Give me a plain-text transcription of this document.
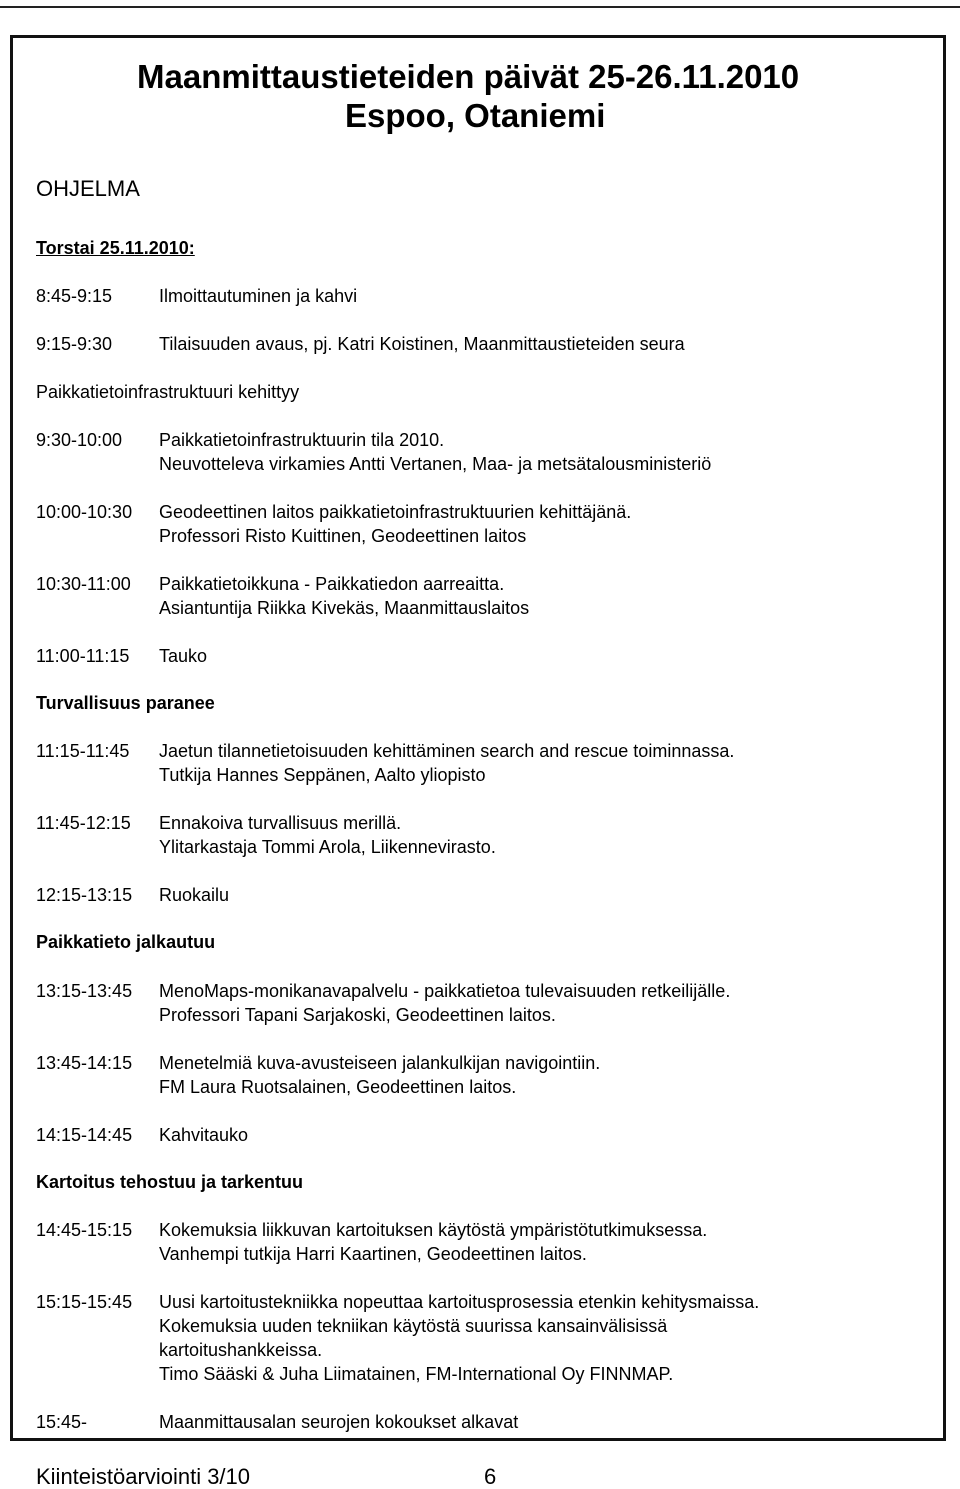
Maanmittaustieteiden päivät 25-26.11.2010
Espoo, Otaniemi
OHJELMA
Torstai 25.11.2010:
8:45-9:15	Ilmoittautuminen ja kahvi
9:15-9:30	Tilaisuuden avaus, pj. Katri Koistinen, Maanmittaustieteiden seura
Paikkatietoinfrastruktuuri kehittyy
9:30-10:00 Paikkatietoinfrastruktuurin tila 2010.
Neuvotteleva virkamies Antti Vertanen, Maa- ja metsätalousministeriö
10:00-10:30 Geodeettinen laitos paikkatietoinfrastruktuurien kehittäjänä.
Professori Risto Kuittinen, Geodeettinen laitos
10:30-11:00 Paikkatietoikkuna - Paikkatiedon aarreaitta.
Asiantuntija Riikka Kivekäs, Maanmittauslaitos
11:00-11:15 Tauko
Turvallisuus paranee
11:15-11:45 Jaetun tilannetietoisuuden kehittäminen search and rescue toiminnassa.
Tutkija Hannes Seppänen, Aalto yliopisto
11:45-12:15 Ennakoiva turvallisuus merillä.
Ylitarkastaja Tommi Arola, Liikennevirasto.
12:15-13:15 Ruokailu
Paikkatieto jalkautuu
13:15-13:45 MenoMaps-monikanavapalvelu - paikkatietoa tulevaisuuden retkeilijälle.
Professori Tapani Sarjakoski, Geodeettinen laitos.
13:45-14:15 Menetelmiä kuva-avusteiseen jalankulkijan navigointiin.
FM Laura Ruotsalainen, Geodeettinen laitos.
14:15-14:45 Kahvitauko
Kartoitus tehostuu ja tarkentuu
14:45-15:15 Kokemuksia liikkuvan kartoituksen käytöstä ympäristötutkimuksessa.
Vanhempi tutkija Harri Kaartinen, Geodeettinen laitos.
15:15-15:45 Uusi kartoitustekniikka nopeuttaa kartoitusprosessia etenkin kehitysmaissa.
Kokemuksia uuden tekniikan käytöstä suurissa kansainvälisissä
kartoitushankkeissa.
Timo Sääski & Juha Liimatainen, FM-International Oy FINNMAP.
15:45-	Maanmittausalan seurojen kokoukset alkavat
Kiinteistöarviointi 3/10	6
